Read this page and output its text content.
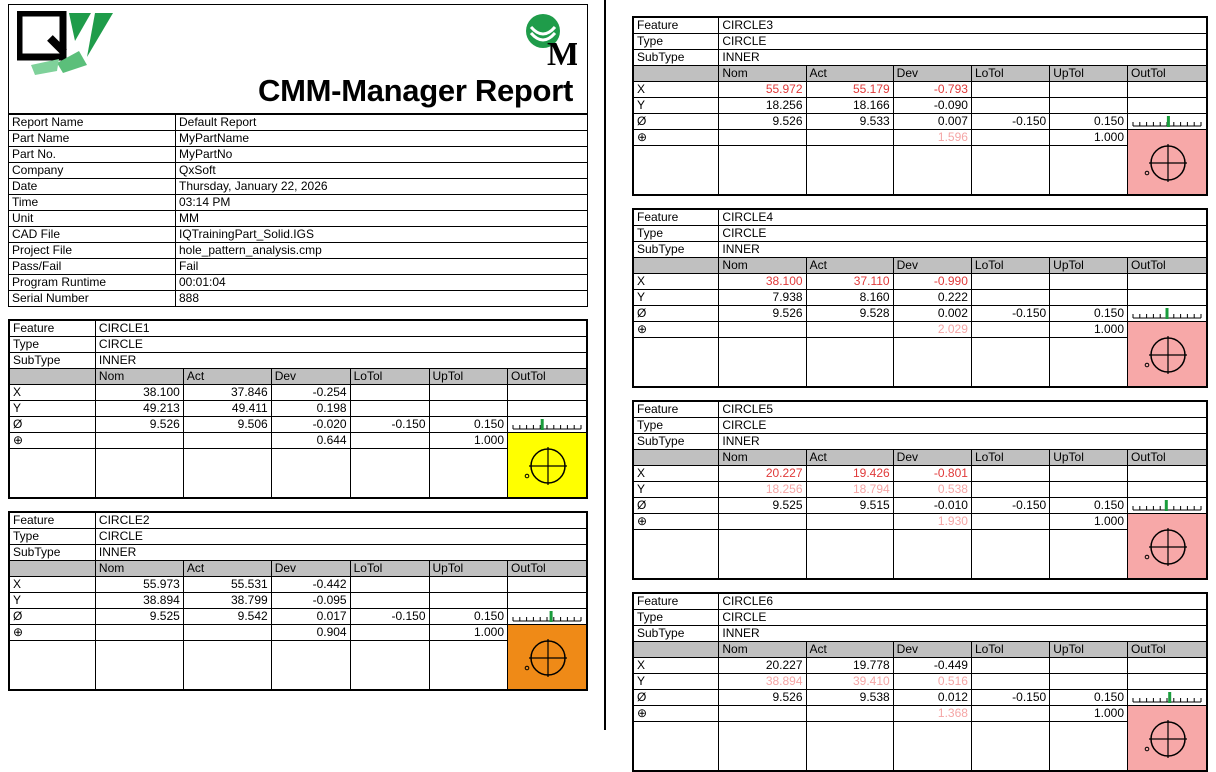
M
CMM-Manager Report
Report Name	Default Report
Part Name	MyPartName
Part No.	MyPartNo
Company	QxSoft
Date	Thursday, January 22, 2026
Time	03:14 PM
Unit	MM
CAD File	IQTrainingPart_Solid.IGS
Project File	hole_pattern_analysis.cmp
Pass/Fail	Fail
Program Runtime	00:01:04
Serial Number	888
Feature	CIRCLE1					
Type	CIRCLE					
SubType	INNER					
	Nom	Act	Dev	LoTol	UpTol	OutTol
X	38.100	37.846	-0.254			
Y	49.213	49.411	0.198			
Ø	9.526	9.506	-0.020	-0.150	0.150	

⊕			0.644		1.000	

Feature	CIRCLE2					
Type	CIRCLE					
SubType	INNER					
	Nom	Act	Dev	LoTol	UpTol	OutTol
X	55.973	55.531	-0.442			
Y	38.894	38.799	-0.095			
Ø	9.525	9.542	0.017	-0.150	0.150	

⊕			0.904		1.000	

Feature	CIRCLE3					
Type	CIRCLE					
SubType	INNER					
	Nom	Act	Dev	LoTol	UpTol	OutTol
X	55.972	55.179	-0.793			
Y	18.256	18.166	-0.090			
Ø	9.526	9.533	0.007	-0.150	0.150	

⊕			1.596		1.000	

Feature	CIRCLE4					
Type	CIRCLE					
SubType	INNER					
	Nom	Act	Dev	LoTol	UpTol	OutTol
X	38.100	37.110	-0.990			
Y	7.938	8.160	0.222			
Ø	9.526	9.528	0.002	-0.150	0.150	

⊕			2.029		1.000	

Feature	CIRCLE5					
Type	CIRCLE					
SubType	INNER					
	Nom	Act	Dev	LoTol	UpTol	OutTol
X	20.227	19.426	-0.801			
Y	18.256	18.794	0.538			
Ø	9.525	9.515	-0.010	-0.150	0.150	

⊕			1.930		1.000	

Feature	CIRCLE6					
Type	CIRCLE					
SubType	INNER					
	Nom	Act	Dev	LoTol	UpTol	OutTol
X	20.227	19.778	-0.449			
Y	38.894	39.410	0.516			
Ø	9.526	9.538	0.012	-0.150	0.150	

⊕			1.368		1.000	
